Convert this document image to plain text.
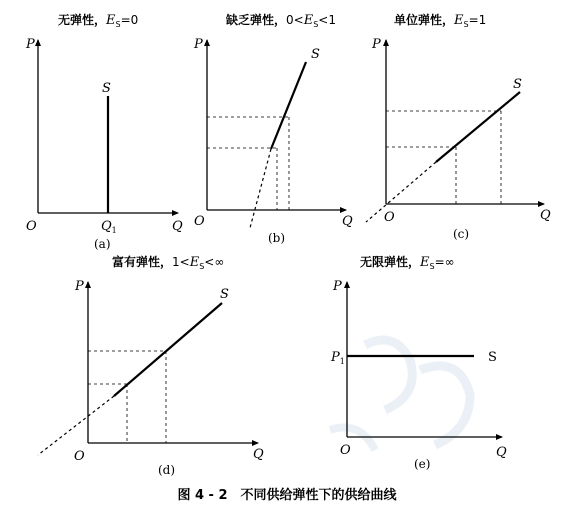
无弹性，$E_S=0$
P
Q
O
S
$Q_1$
(a)
缺乏弹性，$0<E_S<1$
P
Q
O
S
(b)
单位弹性，$E_S=1$
P
Q
O
S
(c)
富有弹性，$1<E_S<\infty$
P
Q
O
S
(d)
无限弹性，$E_S=\infty$
P
Q
O
S
$P_1$
(e)
图 4 - 2　不同供给弹性下的供给曲线
